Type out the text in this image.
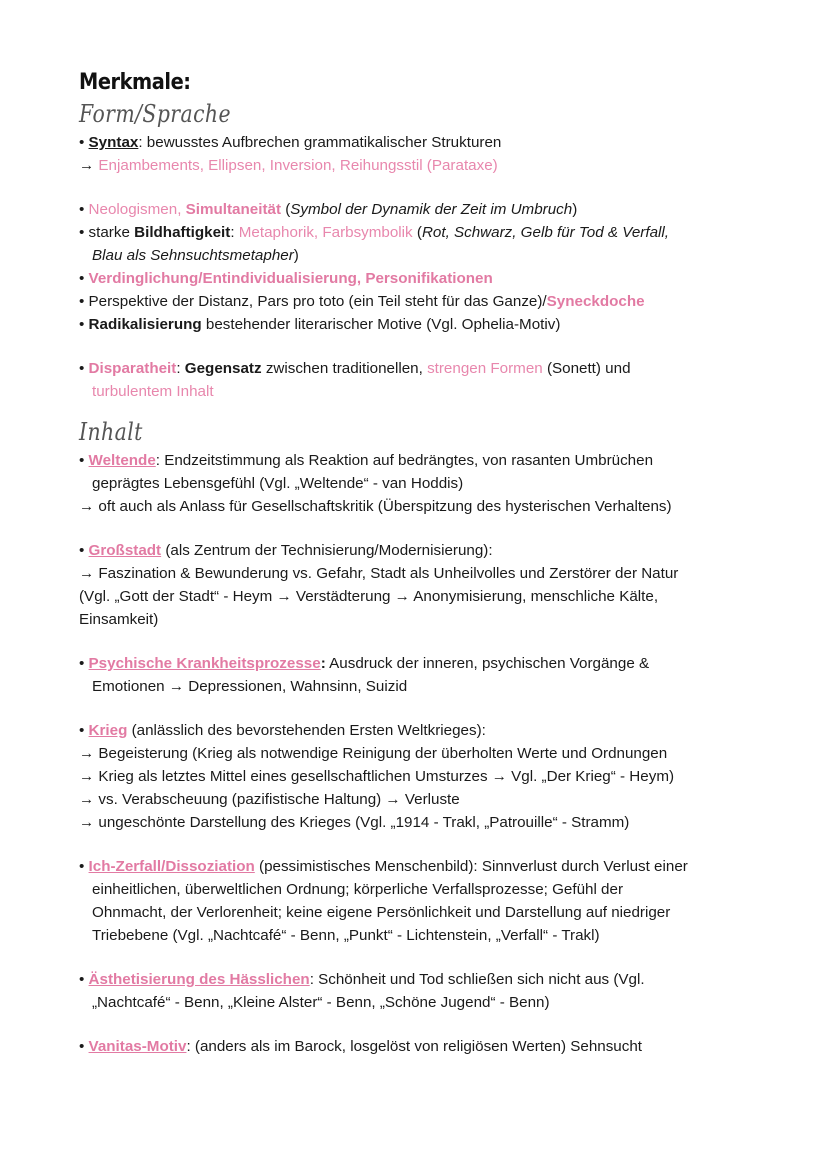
Merkmale:
Form/Sprache
• Syntax: bewusstes Aufbrechen grammatikalischer Strukturen
→ Enjambements, Ellipsen, Inversion, Reihungsstil (Parataxe)
• Neologismen, Simultaneität (Symbol der Dynamik der Zeit im Umbruch)
• starke Bildhaftigkeit: Metaphorik, Farbsymbolik (Rot, Schwarz, Gelb für Tod & Verfall,
Blau als Sehnsuchtsmetapher)
• Verdinglichung/Entindividualisierung, Personifikationen
• Perspektive der Distanz, Pars pro toto (ein Teil steht für das Ganze)/Syneckdoche
• Radikalisierung bestehender literarischer Motive (Vgl. Ophelia-Motiv)
• Disparatheit: Gegensatz zwischen traditionellen, strengen Formen (Sonett) und
turbulentem Inhalt
Inhalt
• Weltende: Endzeitstimmung als Reaktion auf bedrängtes, von rasanten Umbrüchen
geprägtes Lebensgefühl (Vgl. „Weltende“ - van Hoddis)
→ oft auch als Anlass für Gesellschaftskritik (Überspitzung des hysterischen Verhaltens)
• Großstadt (als Zentrum der Technisierung/Modernisierung):
→ Faszination & Bewunderung vs. Gefahr, Stadt als Unheilvolles und Zerstörer der Natur
(Vgl. „Gott der Stadt“ - Heym → Verstädterung → Anonymisierung, menschliche Kälte,
Einsamkeit)
• Psychische Krankheitsprozesse: Ausdruck der inneren, psychischen Vorgänge &
Emotionen → Depressionen, Wahnsinn, Suizid
• Krieg (anlässlich des bevorstehenden Ersten Weltkrieges):
→ Begeisterung (Krieg als notwendige Reinigung der überholten Werte und Ordnungen
→ Krieg als letztes Mittel eines gesellschaftlichen Umsturzes → Vgl. „Der Krieg“ - Heym)
→ vs. Verabscheuung (pazifistische Haltung) → Verluste
→ ungeschönte Darstellung des Krieges (Vgl. „1914 - Trakl, „Patrouille“ - Stramm)
• Ich-Zerfall/Dissoziation (pessimistisches Menschenbild): Sinnverlust durch Verlust einer
einheitlichen, überweltlichen Ordnung; körperliche Verfallsprozesse; Gefühl der
Ohnmacht, der Verlorenheit; keine eigene Persönlichkeit und Darstellung auf niedriger
Triebebene (Vgl. „Nachtcafé“ - Benn, „Punkt“ - Lichtenstein, „Verfall“ - Trakl)
• Ästhetisierung des Hässlichen: Schönheit und Tod schließen sich nicht aus (Vgl.
„Nachtcafé“ - Benn, „Kleine Alster“ - Benn, „Schöne Jugend“ - Benn)
• Vanitas-Motiv: (anders als im Barock, losgelöst von religiösen Werten) Sehnsucht
